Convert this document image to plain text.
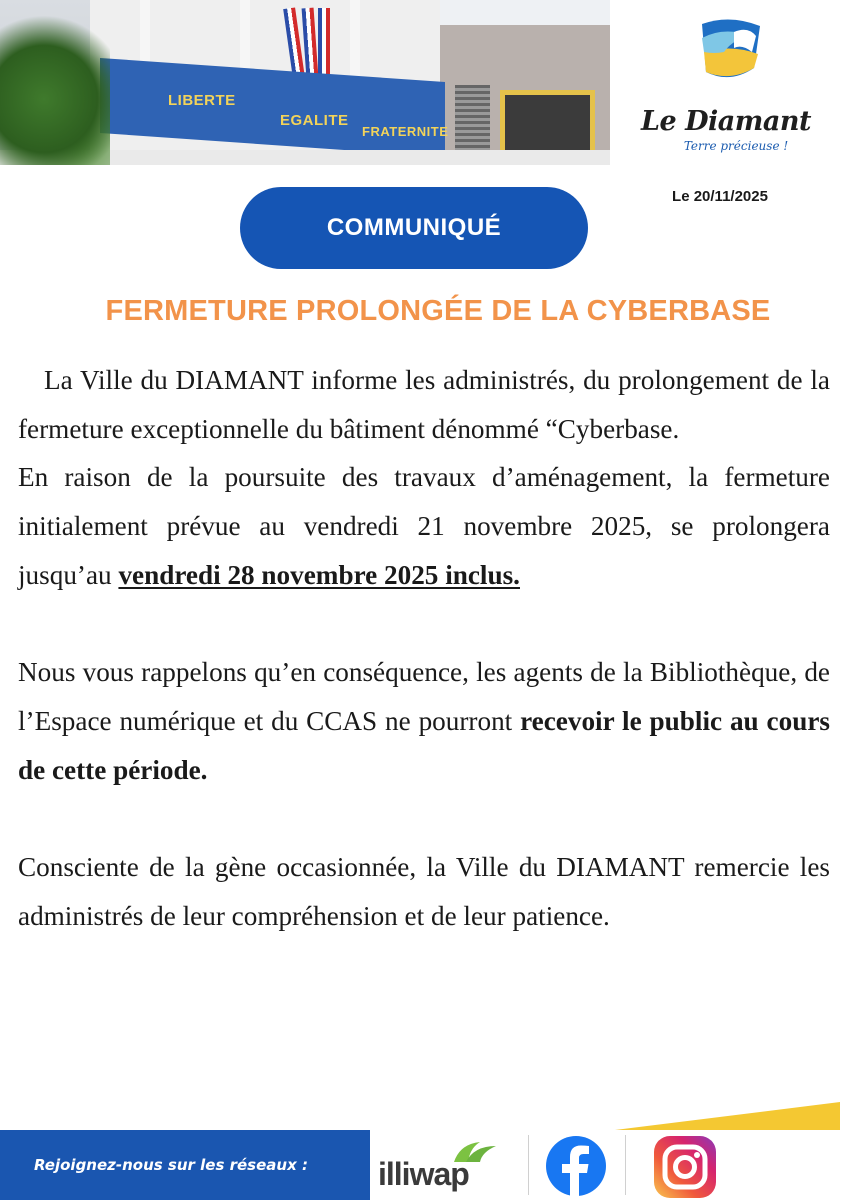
LIBERTE
EGALITE
FRATERNITE	Le Diamant
Terre précieuse !
Le 20/11/2025
COMMUNIQUÉ
FERMETURE PROLONGÉE DE LA CYBERBASE

La Ville du DIAMANT informe les administrés, du prolongement de la fermeture exceptionnelle du bâtiment dénommé “Cyberbase.

En raison de la poursuite des travaux d’aménagement, la fermeture initialement prévue au vendredi 21 novembre 2025, se prolongera jusqu’au vendredi 28 novembre 2025 inclus.

Nous vous rappelons qu’en conséquence, les agents de la Bibliothèque, de l’Espace numérique et du CCAS ne pourront recevoir le public au cours de cette période.

Consciente de la gène occasionnée, la Ville du DIAMANT remercie les administrés de leur compréhension et de leur patience.

Rejoignez-nous sur les réseaux : illiwap
